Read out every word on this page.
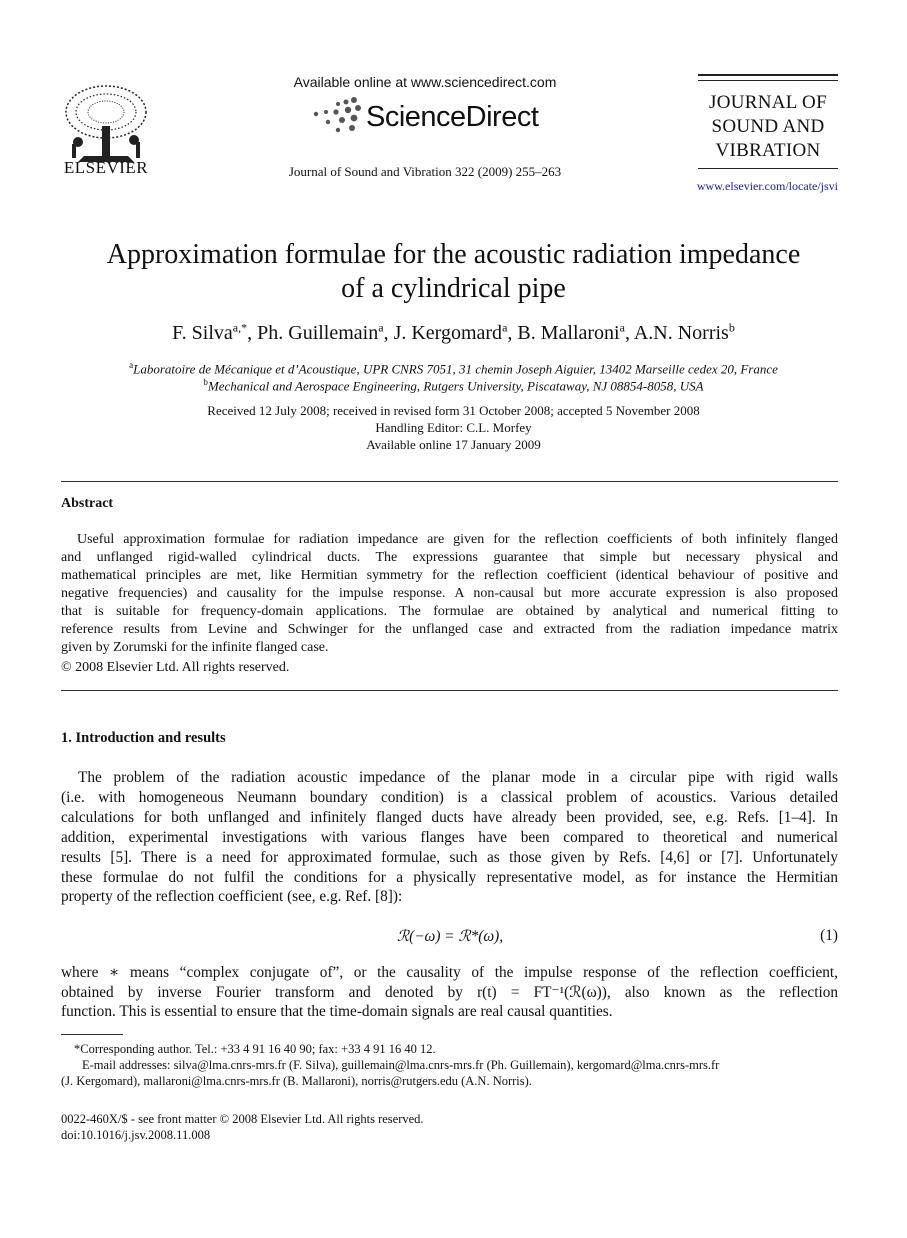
ELSEVIER
Available online at www.sciencedirect.com
ScienceDirect
Journal of Sound and Vibration 322 (2009) 255–263
JOURNAL OF
SOUND AND
VIBRATION
www.elsevier.com/locate/jsvi
Approximation formulae for the acoustic radiation impedance
of a cylindrical pipe
F. Silva$^{a,*}$, Ph. Guillemain$^a$, J. Kergomard$^a$, B. Mallaroni$^a$, A.N. Norris$^b$
$^a$Laboratoire de Mécanique et d’Acoustique, UPR CNRS 7051, 31 chemin Joseph Aiguier, 13402 Marseille cedex 20, France
$^b$Mechanical and Aerospace Engineering, Rutgers University, Piscataway, NJ 08854-8058, USA
Received 12 July 2008; received in revised form 31 October 2008; accepted 5 November 2008
Handling Editor: C.L. Morfey
Available online 17 January 2009
Abstract
Useful approximation formulae for radiation impedance are given for the reflection coefficients of both infinitely flanged
and unflanged rigid-walled cylindrical ducts. The expressions guarantee that simple but necessary physical and
mathematical principles are met, like Hermitian symmetry for the reflection coefficient (identical behaviour of positive and
negative frequencies) and causality for the impulse response. A non-causal but more accurate expression is also proposed
that is suitable for frequency-domain applications. The formulae are obtained by analytical and numerical fitting to
reference results from Levine and Schwinger for the unflanged case and extracted from the radiation impedance matrix
given by Zorumski for the infinite flanged case.
© 2008 Elsevier Ltd. All rights reserved.
1. Introduction and results
The problem of the radiation acoustic impedance of the planar mode in a circular pipe with rigid walls
(i.e. with homogeneous Neumann boundary condition) is a classical problem of acoustics. Various detailed
calculations for both unflanged and infinitely flanged ducts have already been provided, see, e.g. Refs. [1–4]. In
addition, experimental investigations with various flanges have been compared to theoretical and numerical
results [5]. There is a need for approximated formulae, such as those given by Refs. [4,6] or [7]. Unfortunately
these formulae do not fulfil the conditions for a physically representative model, as for instance the Hermitian
property of the reflection coefficient (see, e.g. Ref. [8]):
ℛ(−ω) = ℛ*(ω),	(1)
where ∗ means “complex conjugate of”, or the causality of the impulse response of the reflection coefficient,
obtained by inverse Fourier transform and denoted by r(t) = FT⁻¹(ℛ(ω)), also known as the reflection
function. This is essential to ensure that the time-domain signals are real causal quantities.
*Corresponding author. Tel.: +33 4 91 16 40 90; fax: +33 4 91 16 40 12.
E-mail addresses: silva@lma.cnrs-mrs.fr (F. Silva), guillemain@lma.cnrs-mrs.fr (Ph. Guillemain), kergomard@lma.cnrs-mrs.fr
(J. Kergomard), mallaroni@lma.cnrs-mrs.fr (B. Mallaroni), norris@rutgers.edu (A.N. Norris).
0022-460X/$ - see front matter © 2008 Elsevier Ltd. All rights reserved.
doi:10.1016/j.jsv.2008.11.008
